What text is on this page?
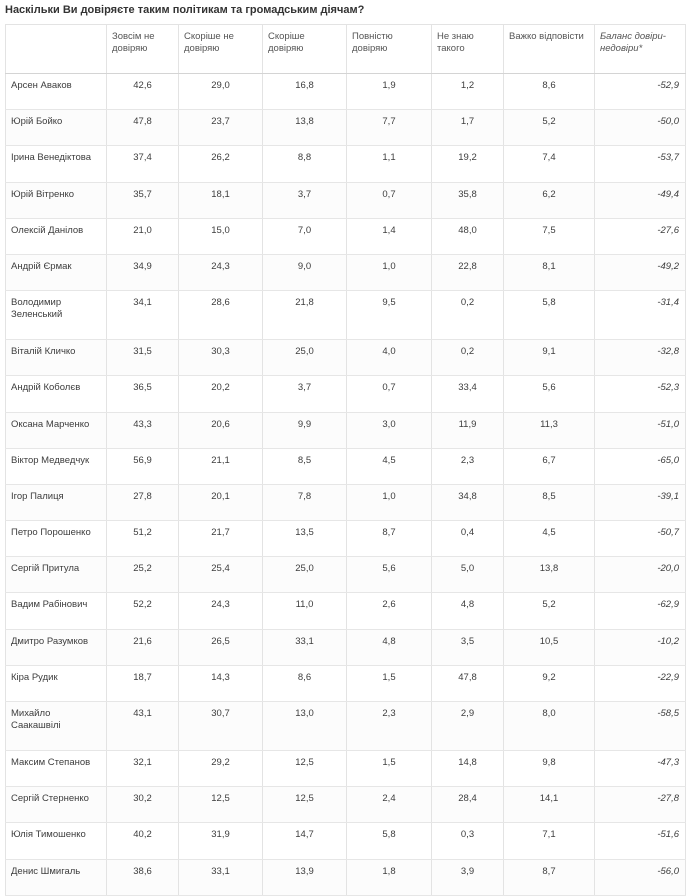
Наскільки Ви довіряєте таким політикам та громадським діячам?
	Зовсім не довіряю	Скоріше не довіряю	Скоріше довіряю	Повністю довіряю	Не знаю такого	Важко відповісти	Баланс довіри-недовіри*
Арсен Аваков	42,6	29,0	16,8	1,9	1,2	8,6	-52,9
Юрій Бойко	47,8	23,7	13,8	7,7	1,7	5,2	-50,0
Ірина Венедіктова	37,4	26,2	8,8	1,1	19,2	7,4	-53,7
Юрій Вітренко	35,7	18,1	3,7	0,7	35,8	6,2	-49,4
Олексій Данілов	21,0	15,0	7,0	1,4	48,0	7,5	-27,6
Андрій Єрмак	34,9	24,3	9,0	1,0	22,8	8,1	-49,2
Володимир Зеленський	34,1	28,6	21,8	9,5	0,2	5,8	-31,4
Віталій Кличко	31,5	30,3	25,0	4,0	0,2	9,1	-32,8
Андрій Коболєв	36,5	20,2	3,7	0,7	33,4	5,6	-52,3
Оксана Марченко	43,3	20,6	9,9	3,0	11,9	11,3	-51,0
Віктор Медведчук	56,9	21,1	8,5	4,5	2,3	6,7	-65,0
Ігор Палиця	27,8	20,1	7,8	1,0	34,8	8,5	-39,1
Петро Порошенко	51,2	21,7	13,5	8,7	0,4	4,5	-50,7
Сергій Притула	25,2	25,4	25,0	5,6	5,0	13,8	-20,0
Вадим Рабінович	52,2	24,3	11,0	2,6	4,8	5,2	-62,9
Дмитро Разумков	21,6	26,5	33,1	4,8	3,5	10,5	-10,2
Кіра Рудик	18,7	14,3	8,6	1,5	47,8	9,2	-22,9
Михайло Саакашвілі	43,1	30,7	13,0	2,3	2,9	8,0	-58,5
Максим Степанов	32,1	29,2	12,5	1,5	14,8	9,8	-47,3
Сергій Стерненко	30,2	12,5	12,5	2,4	28,4	14,1	-27,8
Юлія Тимошенко	40,2	31,9	14,7	5,8	0,3	7,1	-51,6
Денис Шмигаль	38,6	33,1	13,9	1,8	3,9	8,7	-56,0
